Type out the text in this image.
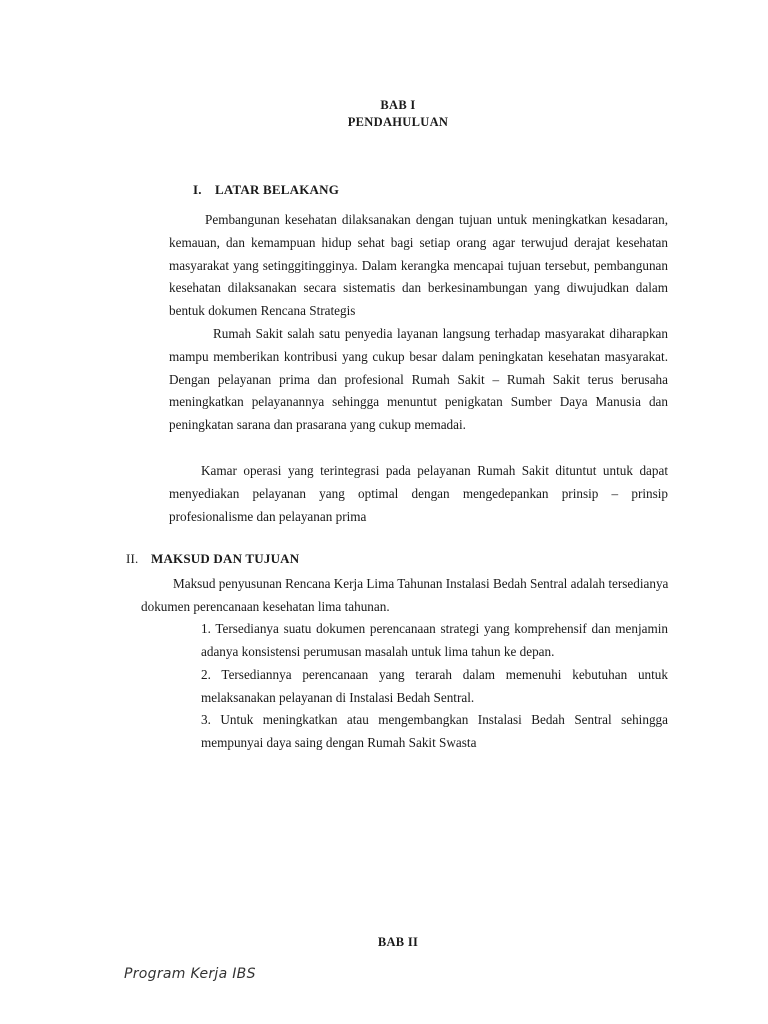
BAB I
PENDAHULUAN
I. LATAR BELAKANG

Pembangunan kesehatan dilaksanakan dengan tujuan untuk meningkatkan kesadaran, kemauan, dan kemampuan hidup sehat bagi setiap orang agar terwujud derajat kesehatan masyarakat yang setinggitingginya. Dalam kerangka mencapai tujuan tersebut, pembangunan kesehatan dilaksanakan secara sistematis dan berkesinambungan yang diwujudkan dalam bentuk dokumen Rencana Strategis

Rumah Sakit salah satu penyedia layanan langsung terhadap masyarakat diharapkan mampu memberikan kontribusi yang cukup besar dalam peningkatan kesehatan masyarakat. Dengan pelayanan prima dan profesional Rumah Sakit – Rumah Sakit terus berusaha meningkatkan pelayanannya sehingga menuntut penigkatan Sumber Daya Manusia dan peningkatan sarana dan prasarana yang cukup memadai.

Kamar operasi yang terintegrasi pada pelayanan Rumah Sakit dituntut untuk dapat menyediakan pelayanan yang optimal dengan mengedepankan prinsip – prinsip profesionalisme dan pelayanan prima

II. MAKSUD DAN TUJUAN

Maksud penyusunan Rencana Kerja Lima Tahunan Instalasi Bedah Sentral adalah tersedianya dokumen perencanaan kesehatan lima tahunan.

1. Tersedianya suatu dokumen perencanaan strategi yang komprehensif dan menjamin adanya konsistensi perumusan masalah untuk lima tahun ke depan.

2. Tersediannya perencanaan yang terarah dalam memenuhi kebutuhan untuk melaksanakan pelayanan di Instalasi Bedah Sentral.

3. Untuk meningkatkan atau mengembangkan Instalasi Bedah Sentral sehingga mempunyai daya saing dengan Rumah Sakit Swasta

BAB II
Program Kerja IBS
